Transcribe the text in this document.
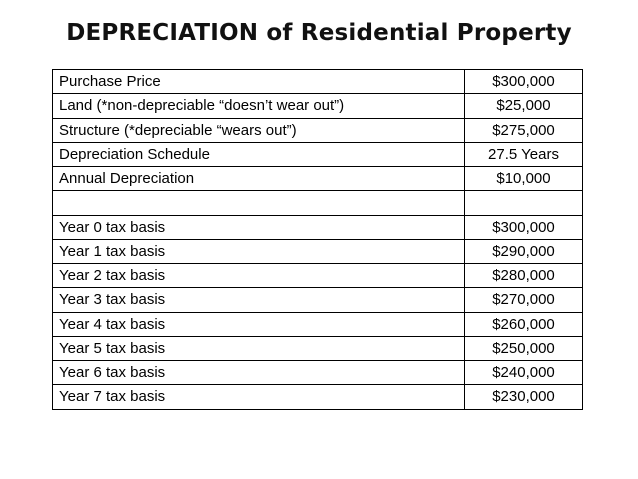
DEPRECIATION of Residential Property
Purchase Price	$300,000
Land (*non-depreciable “doesn’t wear out”)	$25,000
Structure (*depreciable “wears out”)	$275,000
Depreciation Schedule	27.5 Years
Annual Depreciation	$10,000

Year 0 tax basis	$300,000
Year 1 tax basis	$290,000
Year 2 tax basis	$280,000
Year 3 tax basis	$270,000
Year 4 tax basis	$260,000
Year 5 tax basis	$250,000
Year 6 tax basis	$240,000
Year 7 tax basis	$230,000
